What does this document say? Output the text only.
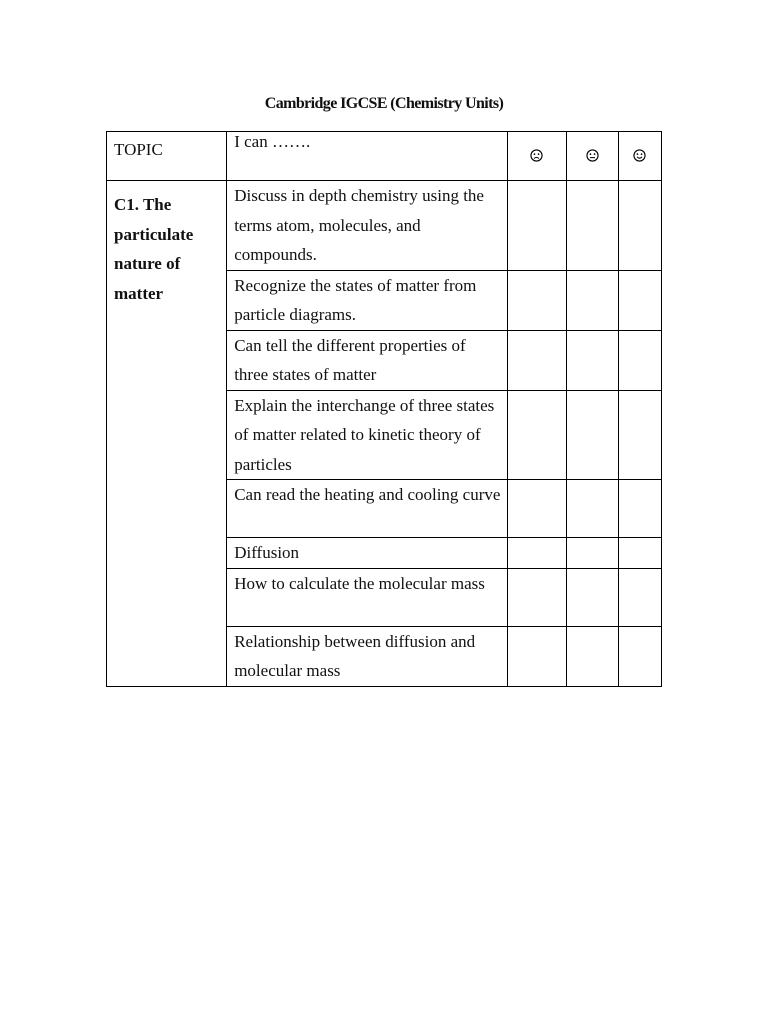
Cambridge IGCSE (Chemistry Units)
TOPIC	I can …….			
C1. The particulate nature of matter	Discuss in depth chemistry using the terms atom, molecules, and compounds.			
	Recognize the states of matter from particle diagrams.			
	Can tell the different properties of three states of matter			
	Explain the interchange of three states of matter related to kinetic theory of particles			
	Can read the heating and cooling curve			
	Diffusion			
	How to calculate the molecular mass			
	Relationship between diffusion and molecular mass			
